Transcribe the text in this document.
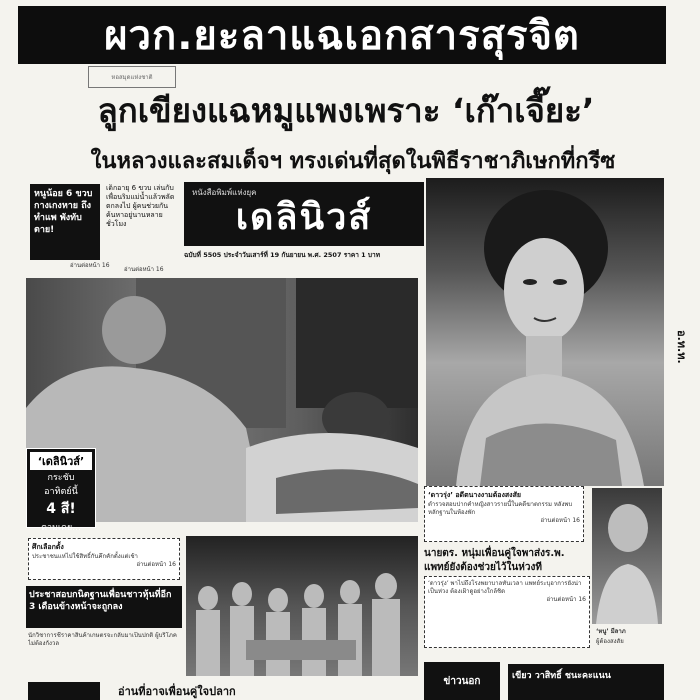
ผวก.ยะลาแฉเอกสารสุรจิต
หอสมุดแห่งชาติ
ลูกเขียงแฉหมูแพงเพราะ ‘เก๊าเจี๊ยะ’
ในหลวงและสมเด็จฯ ทรงเด่นที่สุดในพิธีราชาภิเษกที่กรีซ
หนูน้อย 6 ขวบ กางเกงหาย ถึงทำแพ พังทับตาย!
อ่านต่อหน้า 16
เด็กอายุ 6 ขวบ เล่นกับเพื่อนริมแม่น้ำแล้วพลัดตกลงไป ผู้คนช่วยกันค้นหาอยู่นานหลายชั่วโมง
อ่านต่อหน้า 16
หนังสือพิมพ์แห่งยุค
เดลินิวส์
ฉบับที่ 5505 ประจำวันเสาร์ที่ 19 กันยายน พ.ศ. 2507 ราคา 1 บาท
อ.ท.ท.
‘เดลินิวส์’
กระชับ
อาทิตย์นี้
4 สี!
ตามเคย...
‘ดาวรุ่ง’ อดีตนางงามต้องสงสัย
ตำรวจสอบปากคำหญิงสาวรายนี้ในคดีฆาตกรรม หลังพบหลักฐานในห้องพัก
อ่านต่อหน้า 16
‘หนู’ มีลาภ
ผู้ต้องสงสัย
ศึกเลือกตั้ง
ประชาชนแห่ไปใช้สิทธิ์กันคึกคักตั้งแต่เช้า
อ่านต่อหน้า 16
ประชาสอบกนิตฐานเพื่อนชาวหุ้นที่อีก 3 เดือนข้างหน้าจะถูกลง
นักวิชาการชี้ราคาสินค้าเกษตรจะกลับมาเป็นปกติ ผู้บริโภคไม่ต้องกังวล
นายตร. หนุ่มเพื่อนคู่ใจพาส่งร.พ.
แพทย์ยังต้องช่วยไว้ในห่วงที
‘ดาวรุ่ง’ พาไปถึงโรงพยาบาลทันเวลา แพทย์ระบุอาการยังน่าเป็นห่วง ต้องเฝ้าดูอย่างใกล้ชิด
อ่านต่อหน้า 16
อ่านที่อาจเพื่อนคู่ใจปลาก
ข่าวนอก	เขียว วาสิทธิ์ ชนะคะแนน
